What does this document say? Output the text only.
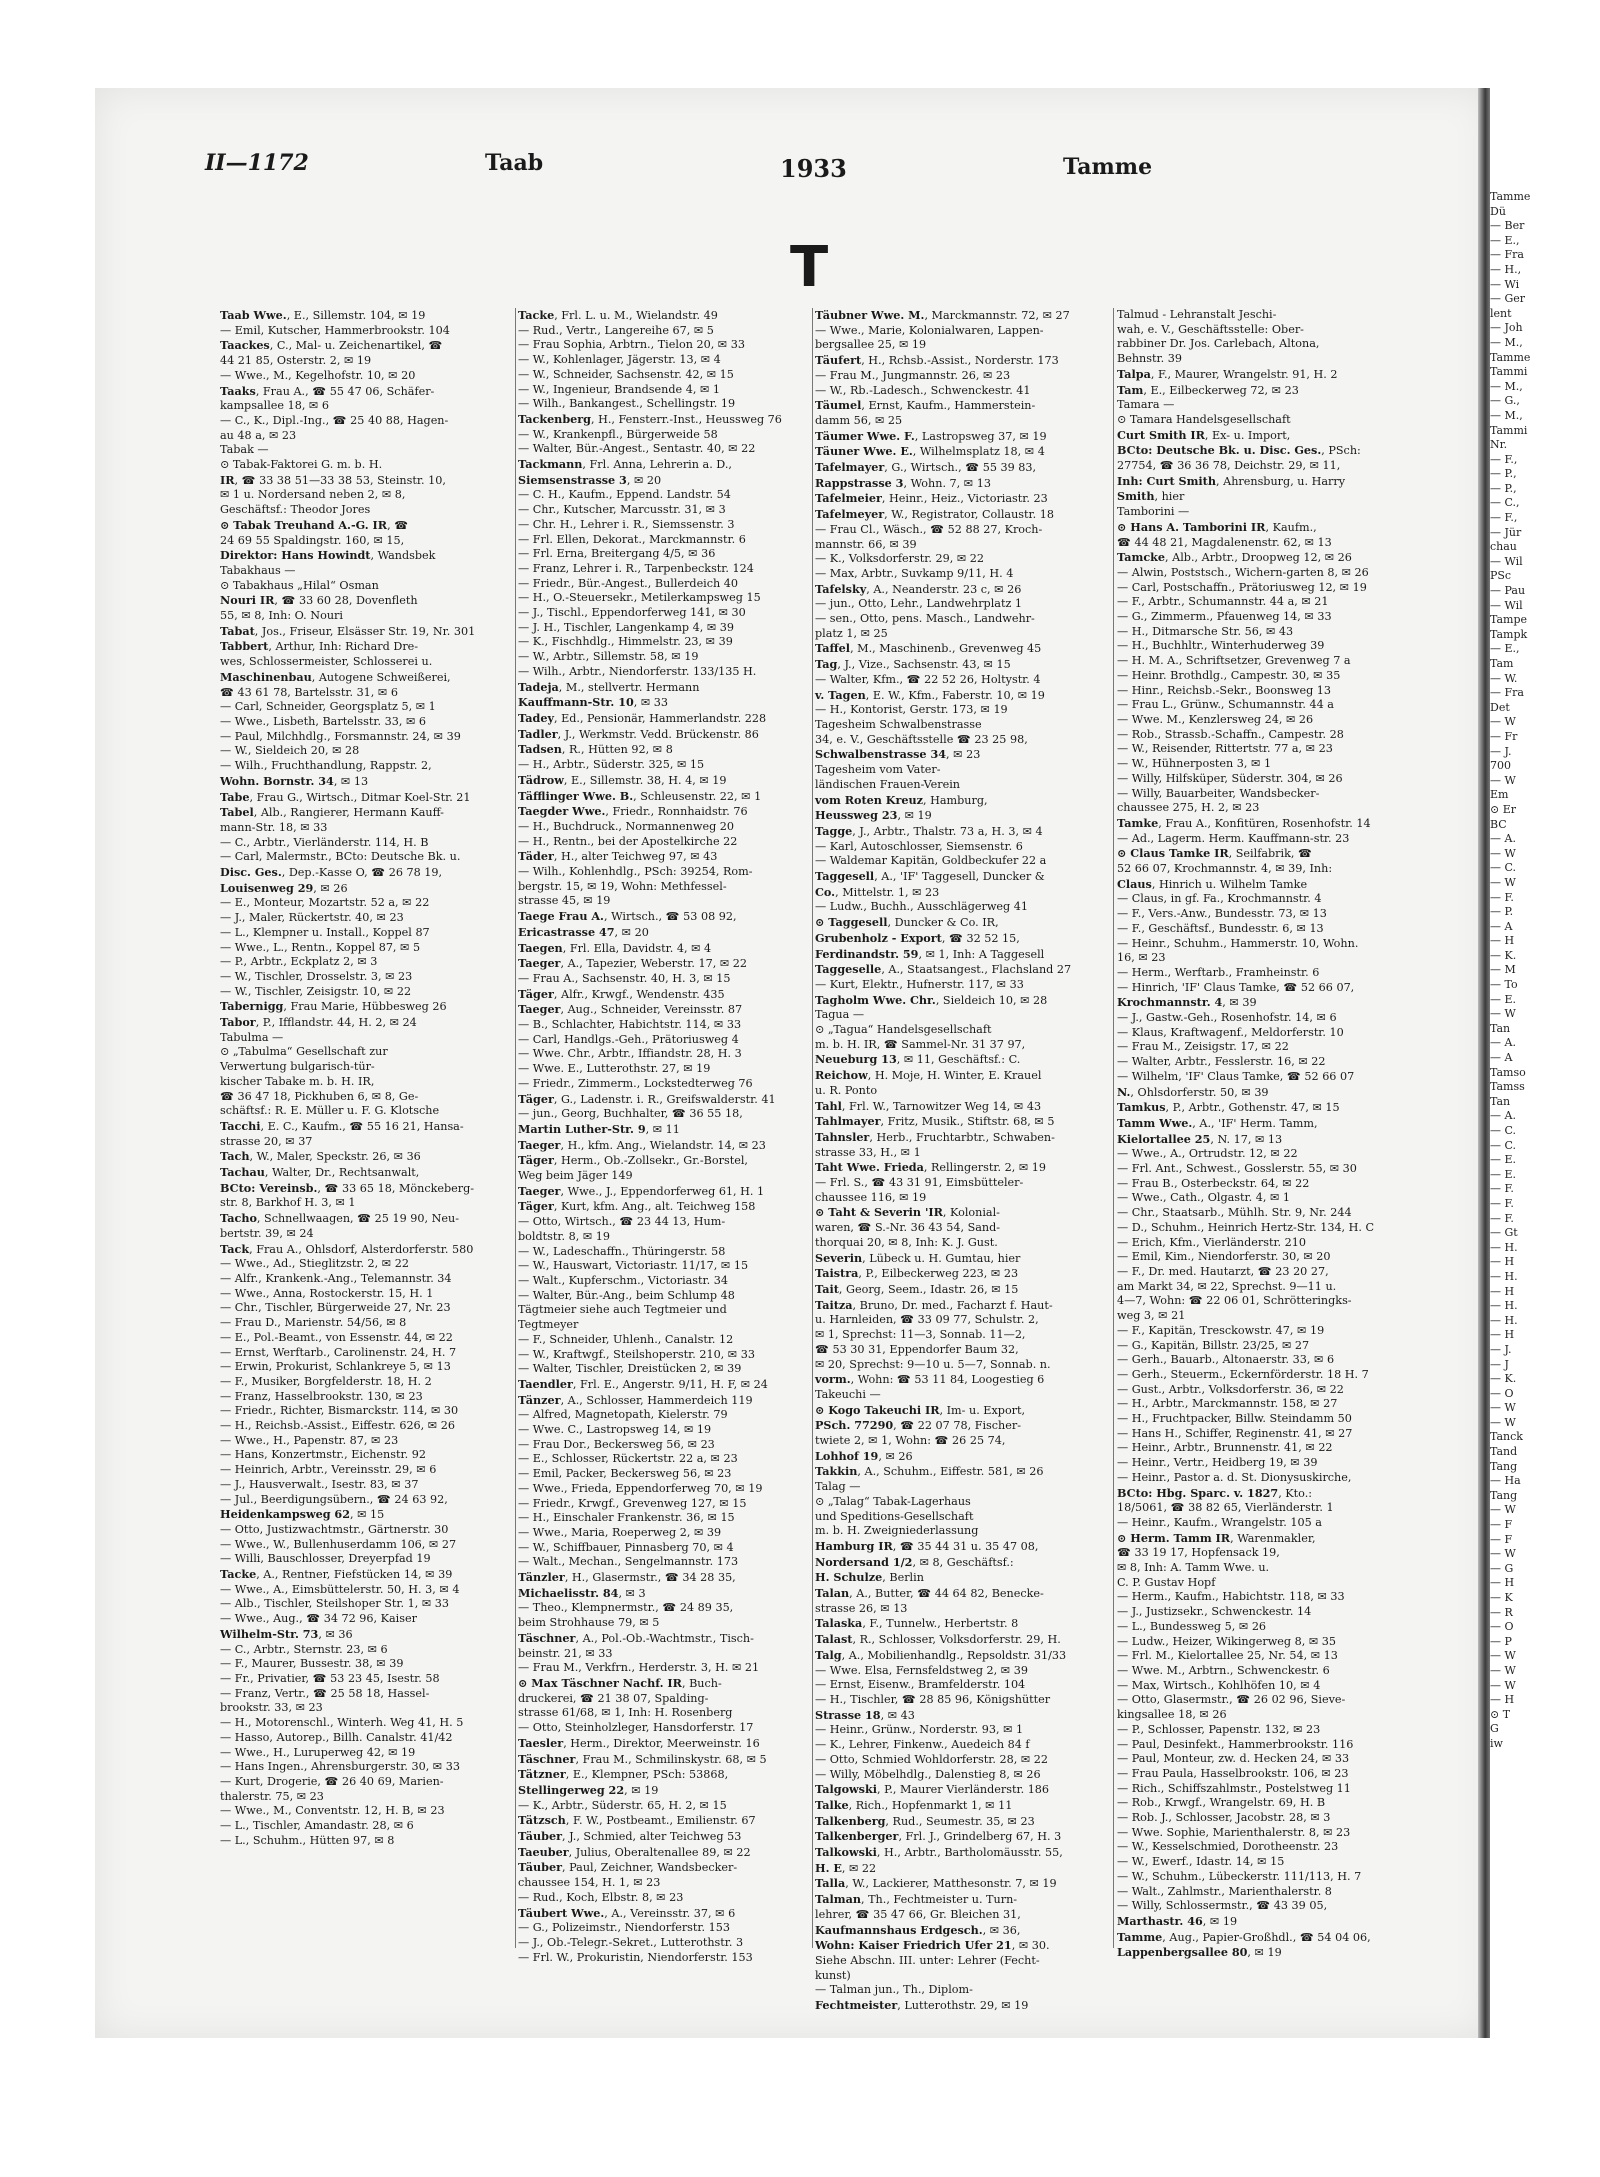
Tamme
Dü
— Ber
— E.,
— Fra
— H.,
— Wi
— Ger
lent
— Joh
— M.,
Tamme
Tammi
— M.,
— G.,
— M.,
Tammi
Nr.
— F.,
— P.,
— P.,
— C.,
— F.,
— Jür
chau
— Wil
PSc
— Pau
— Wil
Tampe
Tampk
— E.,
Tam
— W.
— Fra
Det
— W
— Fr
— J.
700
— W
Em
⊙ Er
BC
— A.
— W
— C.
— W
— F.
— P.
— A
— H
— K.
— M
— To
— E.
— W
Tan
— A.
— A
Tamso
Tamss
Tan
— A.
— C.
— C.
— E.
— E.
— F.
— F.
— F.
— Gt
— H.
— H
— H.
— H
— H.
— H.
— H
— J.
— J
— K.
— O
— W
— W
Tanck
Tand
Tang
— Ha
Tang
— W
— F
— F
— W
— G
— H
— K
— R
— O
— P
— W
— W
— W
— H
⊙ T
G
iw
II—1172	Taab	1933	Tamme
T
Taab Wwe., E., Sillemstr. 104, ✉ 19
— Emil, Kutscher, Hammerbrookstr. 104
Taackes, C., Mal- u. Zeichenartikel, ☎
44 21 85, Osterstr. 2, ✉ 19
— Wwe., M., Kegelhofstr. 10, ✉ 20
Taaks, Frau A., ☎ 55 47 06, Schäfer-
kampsallee 18, ✉ 6
— C., K., Dipl.-Ing., ☎ 25 40 88, Hagen-
au 48 a, ✉ 23
Tabak —
⊙ Tabak-Faktorei G. m. b. H.
IR, ☎ 33 38 51—33 38 53, Steinstr. 10,
✉ 1 u. Nordersand neben 2, ✉ 8,
Geschäftsf.: Theodor Jores
⊙ Tabak Treuhand A.-G. IR, ☎
24 69 55 Spaldingstr. 160, ✉ 15,
Direktor: Hans Howindt, Wandsbek
Tabakhaus —
⊙ Tabakhaus „Hilal“ Osman
Nouri IR, ☎ 33 60 28, Dovenfleth
55, ✉ 8, Inh: O. Nouri
Tabat, Jos., Friseur, Elsässer Str. 19, Nr. 301
Tabbert, Arthur, Inh: Richard Dre-
wes, Schlossermeister, Schlosserei u.
Maschinenbau, Autogene Schweißerei,
☎ 43 61 78, Bartelsstr. 31, ✉ 6
— Carl, Schneider, Georgsplatz 5, ✉ 1
— Wwe., Lisbeth, Bartelsstr. 33, ✉ 6
— Paul, Milchhdlg., Forsmannstr. 24, ✉ 39
— W., Sieldeich 20, ✉ 28
— Wilh., Fruchthandlung, Rappstr. 2,
Wohn. Bornstr. 34, ✉ 13
Tabe, Frau G., Wirtsch., Ditmar Koel-Str. 21
Tabel, Alb., Rangierer, Hermann Kauff-
mann-Str. 18, ✉ 33
— C., Arbtr., Vierländerstr. 114, H. B
— Carl, Malermstr., BCto: Deutsche Bk. u.
Disc. Ges., Dep.-Kasse O, ☎ 26 78 19,
Louisenweg 29, ✉ 26
— E., Monteur, Mozartstr. 52 a, ✉ 22
— J., Maler, Rückertstr. 40, ✉ 23
— L., Klempner u. Install., Koppel 87
— Wwe., L., Rentn., Koppel 87, ✉ 5
— P., Arbtr., Eckplatz 2, ✉ 3
— W., Tischler, Drosselstr. 3, ✉ 23
— W., Tischler, Zeisigstr. 10, ✉ 22
Tabernigg, Frau Marie, Hübbesweg 26
Tabor, P., Ifflandstr. 44, H. 2, ✉ 24
Tabulma —
⊙ „Tabulma“ Gesellschaft zur
Verwertung bulgarisch-tür-
kischer Tabake m. b. H. IR,
☎ 36 47 18, Pickhuben 6, ✉ 8, Ge-
schäftsf.: R. E. Müller u. F. G. Klotsche
Tacchi, E. C., Kaufm., ☎ 55 16 21, Hansa-
strasse 20, ✉ 37
Tach, W., Maler, Speckstr. 26, ✉ 36
Tachau, Walter, Dr., Rechtsanwalt,
BCto: Vereinsb., ☎ 33 65 18, Mönckeberg-
str. 8, Barkhof H. 3, ✉ 1
Tacho, Schnellwaagen, ☎ 25 19 90, Neu-
bertstr. 39, ✉ 24
Tack, Frau A., Ohlsdorf, Alsterdorferstr. 580
— Wwe., Ad., Stieglitzstr. 2, ✉ 22
— Alfr., Krankenk.-Ang., Telemannstr. 34
— Wwe., Anna, Rostockerstr. 15, H. 1
— Chr., Tischler, Bürgerweide 27, Nr. 23
— Frau D., Marienstr. 54/56, ✉ 8
— E., Pol.-Beamt., von Essenstr. 44, ✉ 22
— Ernst, Werftarb., Carolinenstr. 24, H. 7
— Erwin, Prokurist, Schlankreye 5, ✉ 13
— F., Musiker, Borgfelderstr. 18, H. 2
— Franz, Hasselbrookstr. 130, ✉ 23
— Friedr., Richter, Bismarckstr. 114, ✉ 30
— H., Reichsb.-Assist., Eiffestr. 626, ✉ 26
— Wwe., H., Papenstr. 87, ✉ 23
— Hans, Konzertmstr., Eichenstr. 92
— Heinrich, Arbtr., Vereinsstr. 29, ✉ 6
— J., Hausverwalt., Isestr. 83, ✉ 37
— Jul., Beerdigungsübern., ☎ 24 63 92,
Heidenkampsweg 62, ✉ 15
— Otto, Justizwachtmstr., Gärtnerstr. 30
— Wwe., W., Bullenhuserdamm 106, ✉ 27
— Willi, Bauschlosser, Dreyerpfad 19
Tacke, A., Rentner, Fiefstücken 14, ✉ 39
— Wwe., A., Eimsbüttelerstr. 50, H. 3, ✉ 4
— Alb., Tischler, Steilshoper Str. 1, ✉ 33
— Wwe., Aug., ☎ 34 72 96, Kaiser
Wilhelm-Str. 73, ✉ 36
— C., Arbtr., Sternstr. 23, ✉ 6
— F., Maurer, Bussestr. 38, ✉ 39
— Fr., Privatier, ☎ 53 23 45, Isestr. 58
— Franz, Vertr., ☎ 25 58 18, Hassel-
brookstr. 33, ✉ 23
— H., Motorenschl., Winterh. Weg 41, H. 5
— Hasso, Autorep., Billh. Canalstr. 41/42
— Wwe., H., Luruperweg 42, ✉ 19
— Hans Ingen., Ahrensburgerstr. 30, ✉ 33
— Kurt, Drogerie, ☎ 26 40 69, Marien-
thalerstr. 75, ✉ 23
— Wwe., M., Conventstr. 12, H. B, ✉ 23
— L., Tischler, Amandastr. 28, ✉ 6
— L., Schuhm., Hütten 97, ✉ 8
Tacke, Frl. L. u. M., Wielandstr. 49
— Rud., Vertr., Langereihe 67, ✉ 5
— Frau Sophia, Arbtrn., Tielon 20, ✉ 33
— W., Kohlenlager, Jägerstr. 13, ✉ 4
— W., Schneider, Sachsenstr. 42, ✉ 15
— W., Ingenieur, Brandsende 4, ✉ 1
— Wilh., Bankangest., Schellingstr. 19
Tackenberg, H., Fensterr.-Inst., Heussweg 76
— W., Krankenpfl., Bürgerweide 58
— Walter, Bür.-Angest., Sentastr. 40, ✉ 22
Tackmann, Frl. Anna, Lehrerin a. D.,
Siemsenstrasse 3, ✉ 20
— C. H., Kaufm., Eppend. Landstr. 54
— Chr., Kutscher, Marcusstr. 31, ✉ 3
— Chr. H., Lehrer i. R., Siemssenstr. 3
— Frl. Ellen, Dekorat., Marckmannstr. 6
— Frl. Erna, Breitergang 4/5, ✉ 36
— Franz, Lehrer i. R., Tarpenbeckstr. 124
— Friedr., Bür.-Angest., Bullerdeich 40
— H., O.-Steuersekr., Metilerkampsweg 15
— J., Tischl., Eppendorferweg 141, ✉ 30
— J. H., Tischler, Langenkamp 4, ✉ 39
— K., Fischhdlg., Himmelstr. 23, ✉ 39
— W., Arbtr., Sillemstr. 58, ✉ 19
— Wilh., Arbtr., Niendorferstr. 133/135 H.
Tadeja, M., stellvertr. Hermann
Kauffmann-Str. 10, ✉ 33
Tadey, Ed., Pensionär, Hammerlandstr. 228
Tadler, J., Werkmstr. Vedd. Brückenstr. 86
Tadsen, R., Hütten 92, ✉ 8
— H., Arbtr., Süderstr. 325, ✉ 15
Tädrow, E., Sillemstr. 38, H. 4, ✉ 19
Täfflinger Wwe. B., Schleusenstr. 22, ✉ 1
Taegder Wwe., Friedr., Ronnhaidstr. 76
— H., Buchdruck., Normannenweg 20
— H., Rentn., bei der Apostelkirche 22
Täder, H., alter Teichweg 97, ✉ 43
— Wilh., Kohlenhdlg., PSch: 39254, Rom-
bergstr. 15, ✉ 19, Wohn: Methfessel-
strasse 45, ✉ 19
Taege Frau A., Wirtsch., ☎ 53 08 92,
Ericastrasse 47, ✉ 20
Taegen, Frl. Ella, Davidstr. 4, ✉ 4
Taeger, A., Tapezier, Weberstr. 17, ✉ 22
— Frau A., Sachsenstr. 40, H. 3, ✉ 15
Täger, Alfr., Krwgf., Wendenstr. 435
Taeger, Aug., Schneider, Vereinsstr. 87
— B., Schlachter, Habichtstr. 114, ✉ 33
— Carl, Handlgs.-Geh., Prätoriusweg 4
— Wwe. Chr., Arbtr., Iffiandstr. 28, H. 3
— Wwe. E., Lutterothstr. 27, ✉ 19
— Friedr., Zimmerm., Lockstedterweg 76
Täger, G., Ladenstr. i. R., Greifswalderstr. 41
— jun., Georg, Buchhalter, ☎ 36 55 18,
Martin Luther-Str. 9, ✉ 11
Taeger, H., kfm. Ang., Wielandstr. 14, ✉ 23
Täger, Herm., Ob.-Zollsekr., Gr.-Borstel,
Weg beim Jäger 149
Taeger, Wwe., J., Eppendorferweg 61, H. 1
Täger, Kurt, kfm. Ang., alt. Teichweg 158
— Otto, Wirtsch., ☎ 23 44 13, Hum-
boldtstr. 8, ✉ 19
— W., Ladeschaffn., Thüringerstr. 58
— W., Hauswart, Victoriastr. 11/17, ✉ 15
— Walt., Kupferschm., Victoriastr. 34
— Walter, Bür.-Ang., beim Schlump 48
Tägtmeier siehe auch Tegtmeier und
Tegtmeyer
— F., Schneider, Uhlenh., Canalstr. 12
— W., Kraftwgf., Steilshoperstr. 210, ✉ 33
— Walter, Tischler, Dreistücken 2, ✉ 39
Taendler, Frl. E., Angerstr. 9/11, H. F, ✉ 24
Tänzer, A., Schlosser, Hammerdeich 119
— Alfred, Magnetopath, Kielerstr. 79
— Wwe. C., Lastropsweg 14, ✉ 19
— Frau Dor., Beckersweg 56, ✉ 23
— E., Schlosser, Rückertstr. 22 a, ✉ 23
— Emil, Packer, Beckersweg 56, ✉ 23
— Wwe., Frieda, Eppendorferweg 70, ✉ 19
— Friedr., Krwgf., Grevenweg 127, ✉ 15
— H., Einschaler Frankenstr. 36, ✉ 15
— Wwe., Maria, Roeperweg 2, ✉ 39
— W., Schiffbauer, Pinnasberg 70, ✉ 4
— Walt., Mechan., Sengelmannstr. 173
Tänzler, H., Glasermstr., ☎ 34 28 35,
Michaelisstr. 84, ✉ 3
— Theo., Klempnermstr., ☎ 24 89 35,
beim Strohhause 79, ✉ 5
Täschner, A., Pol.-Ob.-Wachtmstr., Tisch-
beinstr. 21, ✉ 33
— Frau M., Verkfrn., Herderstr. 3, H. ✉ 21
⊙ Max Täschner Nachf. IR, Buch-
druckerei, ☎ 21 38 07, Spalding-
strasse 61/68, ✉ 1, Inh: H. Rosenberg
— Otto, Steinholzleger, Hansdorferstr. 17
Taesler, Herm., Direktor, Meerweinstr. 16
Täschner, Frau M., Schmilinskystr. 68, ✉ 5
Tätzner, E., Klempner, PSch: 53868,
Stellingerweg 22, ✉ 19
— K., Arbtr., Süderstr. 65, H. 2, ✉ 15
Tätzsch, F. W., Postbeamt., Emilienstr. 67
Täuber, J., Schmied, alter Teichweg 53
Taeuber, Julius, Oberaltenallee 89, ✉ 22
Täuber, Paul, Zeichner, Wandsbecker-
chaussee 154, H. 1, ✉ 23
— Rud., Koch, Elbstr. 8, ✉ 23
Täubert Wwe., A., Vereinsstr. 37, ✉ 6
— G., Polizeimstr., Niendorferstr. 153
— J., Ob.-Telegr.-Sekret., Lutterothstr. 3
— Frl. W., Prokuristin, Niendorferstr. 153
Täubner Wwe. M., Marckmannstr. 72, ✉ 27
— Wwe., Marie, Kolonialwaren, Lappen-
bergsallee 25, ✉ 19
Täufert, H., Rchsb.-Assist., Norderstr. 173
— Frau M., Jungmannstr. 26, ✉ 23
— W., Rb.-Ladesch., Schwenckestr. 41
Täumel, Ernst, Kaufm., Hammerstein-
damm 56, ✉ 25
Täumer Wwe. F., Lastropsweg 37, ✉ 19
Täuner Wwe. E., Wilhelmsplatz 18, ✉ 4
Tafelmayer, G., Wirtsch., ☎ 55 39 83,
Rappstrasse 3, Wohn. 7, ✉ 13
Tafelmeier, Heinr., Heiz., Victoriastr. 23
Tafelmeyer, W., Registrator, Collaustr. 18
— Frau Cl., Wäsch., ☎ 52 88 27, Kroch-
mannstr. 66, ✉ 39
— K., Volksdorferstr. 29, ✉ 22
— Max, Arbtr., Suvkamp 9/11, H. 4
Tafelsky, A., Neanderstr. 23 c, ✉ 26
— jun., Otto, Lehr., Landwehrplatz 1
— sen., Otto, pens. Masch., Landwehr-
platz 1, ✉ 25
Taffel, M., Maschinenb., Grevenweg 45
Tag, J., Vize., Sachsenstr. 43, ✉ 15
— Walter, Kfm., ☎ 22 52 26, Holtystr. 4
v. Tagen, E. W., Kfm., Faberstr. 10, ✉ 19
— H., Kontorist, Gerstr. 173, ✉ 19
Tagesheim Schwalbenstrasse
34, e. V., Geschäftsstelle ☎ 23 25 98,
Schwalbenstrasse 34, ✉ 23
Tagesheim vom Vater-
ländischen Frauen-Verein
vom Roten Kreuz, Hamburg,
Heussweg 23, ✉ 19
Tagge, J., Arbtr., Thalstr. 73 a, H. 3, ✉ 4
— Karl, Autoschlosser, Siemsenstr. 6
— Waldemar Kapitän, Goldbeckufer 22 a
Taggesell, A., 'IF' Taggesell, Duncker &
Co., Mittelstr. 1, ✉ 23
— Ludw., Buchh., Ausschlägerweg 41
⊙ Taggesell, Duncker & Co. IR,
Grubenholz - Export, ☎ 32 52 15,
Ferdinandstr. 59, ✉ 1, Inh: A Taggesell
Taggeselle, A., Staatsangest., Flachsland 27
— Kurt, Elektr., Hufnerstr. 117, ✉ 33
Tagholm Wwe. Chr., Sieldeich 10, ✉ 28
Tagua —
⊙ „Tagua“ Handelsgesellschaft
m. b. H. IR, ☎ Sammel-Nr. 31 37 97,
Neueburg 13, ✉ 11, Geschäftsf.: C.
Reichow, H. Moje, H. Winter, E. Krauel
u. R. Ponto
Tahl, Frl. W., Tarnowitzer Weg 14, ✉ 43
Tahlmayer, Fritz, Musik., Stiftstr. 68, ✉ 5
Tahnsler, Herb., Fruchtarbtr., Schwaben-
strasse 33, H., ✉ 1
Taht Wwe. Frieda, Rellingerstr. 2, ✉ 19
— Frl. S., ☎ 43 31 91, Eimsbütteler-
chaussee 116, ✉ 19
⊙ Taht & Severin 'IR, Kolonial-
waren, ☎ S.-Nr. 36 43 54, Sand-
thorquai 20, ✉ 8, Inh: K. J. Gust.
Severin, Lübeck u. H. Gumtau, hier
Taistra, P., Eilbeckerweg 223, ✉ 23
Tait, Georg, Seem., Idastr. 26, ✉ 15
Taitza, Bruno, Dr. med., Facharzt f. Haut-
u. Harnleiden, ☎ 33 09 77, Schulstr. 2,
✉ 1, Sprechst: 11—3, Sonnab. 11—2,
☎ 53 30 31, Eppendorfer Baum 32,
✉ 20, Sprechst: 9—10 u. 5—7, Sonnab. n.
vorm., Wohn: ☎ 53 11 84, Loogestieg 6
Takeuchi —
⊙ Kogo Takeuchi IR, Im- u. Export,
PSch. 77290, ☎ 22 07 78, Fischer-
twiete 2, ✉ 1, Wohn: ☎ 26 25 74,
Lohhof 19, ✉ 26
Takkin, A., Schuhm., Eiffestr. 581, ✉ 26
Talag —
⊙ „Talag“ Tabak-Lagerhaus
und Speditions-Gesellschaft
m. b. H. Zweigniederlassung
Hamburg IR, ☎ 35 44 31 u. 35 47 08,
Nordersand 1/2, ✉ 8, Geschäftsf.:
H. Schulze, Berlin
Talan, A., Butter, ☎ 44 64 82, Benecke-
strasse 26, ✉ 13
Talaska, F., Tunnelw., Herbertstr. 8
Talast, R., Schlosser, Volksdorferstr. 29, H.
Talg, A., Mobilienhandlg., Repsoldstr. 31/33
— Wwe. Elsa, Fernsfeldstweg 2, ✉ 39
— Ernst, Eisenw., Bramfelderstr. 104
— H., Tischler, ☎ 28 85 96, Königshütter
Strasse 18, ✉ 43
— Heinr., Grünw., Norderstr. 93, ✉ 1
— K., Lehrer, Finkenw., Auedeich 84 f
— Otto, Schmied Wohldorferstr. 28, ✉ 22
— Willy, Möbelhdlg., Dalenstieg 8, ✉ 26
Talgowski, P., Maurer Vierländerstr. 186
Talke, Rich., Hopfenmarkt 1, ✉ 11
Talkenberg, Rud., Seumestr. 35, ✉ 23
Talkenberger, Frl. J., Grindelberg 67, H. 3
Talkowski, H., Arbtr., Bartholomäusstr. 55,
H. E, ✉ 22
Talla, W., Lackierer, Matthesonstr. 7, ✉ 19
Talman, Th., Fechtmeister u. Turn-
lehrer, ☎ 35 47 66, Gr. Bleichen 31,
Kaufmannshaus Erdgesch., ✉ 36,
Wohn: Kaiser Friedrich Ufer 21, ✉ 30.
Siehe Abschn. III. unter: Lehrer (Fecht-
kunst)
— Talman jun., Th., Diplom-
Fechtmeister, Lutterothstr. 29, ✉ 19
Talmud - Lehranstalt Jeschi-
wah, e. V., Geschäftsstelle: Ober-
rabbiner Dr. Jos. Carlebach, Altona,
Behnstr. 39
Talpa, F., Maurer, Wrangelstr. 91, H. 2
Tam, E., Eilbeckerweg 72, ✉ 23
Tamara —
⊙ Tamara Handelsgesellschaft
Curt Smith IR, Ex- u. Import,
BCto: Deutsche Bk. u. Disc. Ges., PSch:
27754, ☎ 36 36 78, Deichstr. 29, ✉ 11,
Inh: Curt Smith, Ahrensburg, u. Harry
Smith, hier
Tamborini —
⊙ Hans A. Tamborini IR, Kaufm.,
☎ 44 48 21, Magdalenenstr. 62, ✉ 13
Tamcke, Alb., Arbtr., Droopweg 12, ✉ 26
— Alwin, Poststsch., Wichern-garten 8, ✉ 26
— Carl, Postschaffn., Prätoriusweg 12, ✉ 19
— F., Arbtr., Schumannstr. 44 a, ✉ 21
— G., Zimmerm., Pfauenweg 14, ✉ 33
— H., Ditmarsche Str. 56, ✉ 43
— H., Buchhltr., Winterhuderweg 39
— H. M. A., Schriftsetzer, Grevenweg 7 a
— Heinr. Brothdlg., Campestr. 30, ✉ 35
— Hinr., Reichsb.-Sekr., Boonsweg 13
— Frau L., Grünw., Schumannstr. 44 a
— Wwe. M., Kenzlersweg 24, ✉ 26
— Rob., Strassb.-Schaffn., Campestr. 28
— W., Reisender, Rittertstr. 77 a, ✉ 23
— W., Hühnerposten 3, ✉ 1
— Willy, Hilfsküper, Süderstr. 304, ✉ 26
— Willy, Bauarbeiter, Wandsbecker-
chaussee 275, H. 2, ✉ 23
Tamke, Frau A., Konfitüren, Rosenhofstr. 14
— Ad., Lagerm. Herm. Kauffmann-str. 23
⊙ Claus Tamke IR, Seilfabrik, ☎
52 66 07, Krochmannstr. 4, ✉ 39, Inh:
Claus, Hinrich u. Wilhelm Tamke
— Claus, in gf. Fa., Krochmannstr. 4
— F., Vers.-Anw., Bundesstr. 73, ✉ 13
— F., Geschäftsf., Bundesstr. 6, ✉ 13
— Heinr., Schuhm., Hammerstr. 10, Wohn.
16, ✉ 23
— Herm., Werftarb., Framheinstr. 6
— Hinrich, 'IF' Claus Tamke, ☎ 52 66 07,
Krochmannstr. 4, ✉ 39
— J., Gastw.-Geh., Rosenhofstr. 14, ✉ 6
— Klaus, Kraftwagenf., Meldorferstr. 10
— Frau M., Zeisigstr. 17, ✉ 22
— Walter, Arbtr., Fesslerstr. 16, ✉ 22
— Wilhelm, 'IF' Claus Tamke, ☎ 52 66 07
N., Ohlsdorferstr. 50, ✉ 39
Tamkus, P., Arbtr., Gothenstr. 47, ✉ 15
Tamm Wwe., A., 'IF' Herm. Tamm,
Kielortallee 25, N. 17, ✉ 13
— Wwe., A., Ortrudstr. 12, ✉ 22
— Frl. Ant., Schwest., Gosslerstr. 55, ✉ 30
— Frau B., Osterbeckstr. 64, ✉ 22
— Wwe., Cath., Olgastr. 4, ✉ 1
— Chr., Staatsarb., Mühlh. Str. 9, Nr. 244
— D., Schuhm., Heinrich Hertz-Str. 134, H. C
— Erich, Kfm., Vierländerstr. 210
— Emil, Kim., Niendorferstr. 30, ✉ 20
— F., Dr. med. Hautarzt, ☎ 23 20 27,
am Markt 34, ✉ 22, Sprechst. 9—11 u.
4—7, Wohn: ☎ 22 06 01, Schrötteringks-
weg 3, ✉ 21
— F., Kapitän, Tresckowstr. 47, ✉ 19
— G., Kapitän, Billstr. 23/25, ✉ 27
— Gerh., Bauarb., Altonaerstr. 33, ✉ 6
— Gerh., Steuerm., Eckernförderstr. 18 H. 7
— Gust., Arbtr., Volksdorferstr. 36, ✉ 22
— H., Arbtr., Marckmannstr. 158, ✉ 27
— H., Fruchtpacker, Billw. Steindamm 50
— Hans H., Schiffer, Reginenstr. 41, ✉ 27
— Heinr., Arbtr., Brunnenstr. 41, ✉ 22
— Heinr., Vertr., Heidberg 19, ✉ 39
— Heinr., Pastor a. d. St. Dionysuskirche,
BCto: Hbg. Sparc. v. 1827, Kto.:
18/5061, ☎ 38 82 65, Vierländerstr. 1
— Heinr., Kaufm., Wrangelstr. 105 a
⊙ Herm. Tamm IR, Warenmakler,
☎ 33 19 17, Hopfensack 19,
✉ 8, Inh: A. Tamm Wwe. u.
C. P. Gustav Hopf
— Herm., Kaufm., Habichtstr. 118, ✉ 33
— J., Justizsekr., Schwenckestr. 14
— L., Bundessweg 5, ✉ 26
— Ludw., Heizer, Wikingerweg 8, ✉ 35
— Frl. M., Kielortallee 25, Nr. 54, ✉ 13
— Wwe. M., Arbtrn., Schwenckestr. 6
— Max, Wirtsch., Kohlhöfen 10, ✉ 4
— Otto, Glasermstr., ☎ 26 02 96, Sieve-
kingsallee 18, ✉ 26
— P., Schlosser, Papenstr. 132, ✉ 23
— Paul, Desinfekt., Hammerbrookstr. 116
— Paul, Monteur, zw. d. Hecken 24, ✉ 33
— Frau Paula, Hasselbrookstr. 106, ✉ 23
— Rich., Schiffszahlmstr., Postelstweg 11
— Rob., Krwgf., Wrangelstr. 69, H. B
— Rob. J., Schlosser, Jacobstr. 28, ✉ 3
— Wwe. Sophie, Marienthalerstr. 8, ✉ 23
— W., Kesselschmied, Dorotheenstr. 23
— W., Ewerf., Idastr. 14, ✉ 15
— W., Schuhm., Lübeckerstr. 111/113, H. 7
— Walt., Zahlmstr., Marienthalerstr. 8
— Willy, Schlossermstr., ☎ 43 39 05,
Marthastr. 46, ✉ 19
Tamme, Aug., Papier-Großhdl., ☎ 54 04 06,
Lappenbergsallee 80, ✉ 19
